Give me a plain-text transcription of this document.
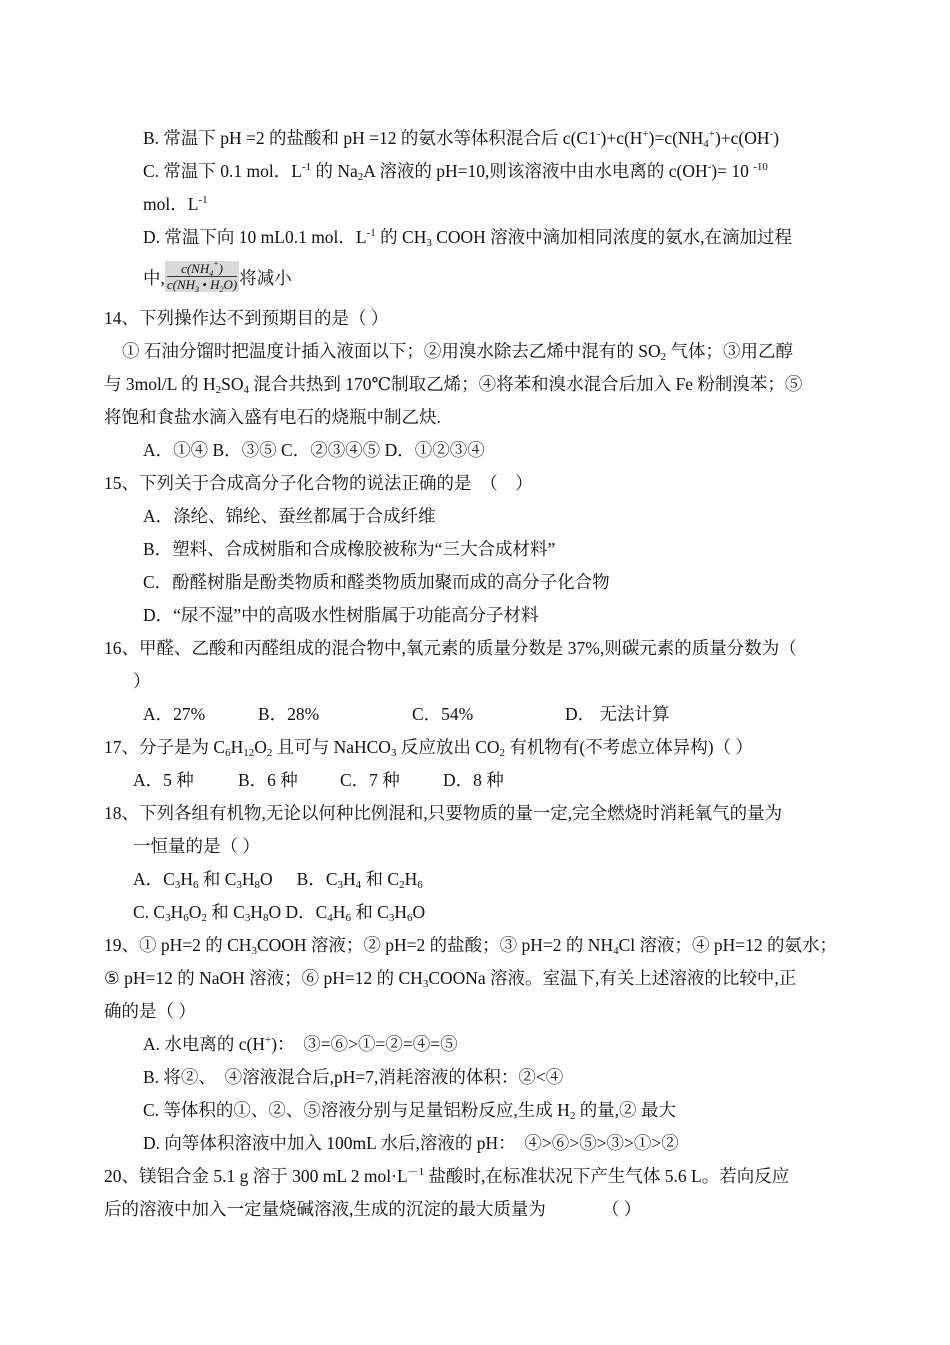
B. 常温下 pH =2 的盐酸和 pH =12 的氨水等体积混合后 $c(C1^-)+c(H^+)=c(NH_4^+)+c(OH^-)$
C. 常温下 0.1 mol．$L^{-1}$ 的 $Na_2A$ 溶液的 pH=10,则该溶液中由水电离的 c(OH-)= 10 $^{-10}$
mol．$L^{-1}$
D. 常温下向 10 mL0.1 mol．$L^{-1}$ 的 $CH_3$ COOH 溶液中滴加相同浓度的氨水,在滴加过程
中, $\frac{c(NH_4^+)}{c(NH_3 • H_2O)}$ 将减小
14、下列操作达不到预期目的是（ ）
① 石油分馏时把温度计插入液面以下；②用溴水除去乙烯中混有的 $SO_2$ 气体；③用乙醇
与 3mol/L 的 $H_2SO_4$ 混合共热到 170℃制取乙烯；④将苯和溴水混合后加入 Fe 粉制溴苯；⑤
将饱和食盐水滴入盛有电石的烧瓶中制乙炔.
A．①④ B．③⑤ C．②③④⑤ D．①②③④
15、下列关于合成高分子化合物的说法正确的是　（　）
A．涤纶、锦纶、蚕丝都属于合成纤维
B．塑料、合成树脂和合成橡胶被称为“三大合成材料”
C．酚醛树脂是酚类物质和醛类物质加聚而成的高分子化合物
D．“尿不湿”中的高吸水性树脂属于功能高分子材料
16、甲醛、乙酸和丙醛组成的混合物中,氧元素的质量分数是 37%,则碳元素的质量分数为（
）
A．27%	B．28%	C．54%	D． 无法计算
17、分子是为 $C_6H_{12}O_2$ 且可与 NaHCO$_3$ 反应放出 $CO_2$ 有机物有(不考虑立体异构)（ ）
A．5 种	B．6 种 C．7 种 D．8 种
18、下列各组有机物,无论以何种比例混和,只要物质的量一定,完全燃烧时消耗氧气的量为
一恒量的是（ ）
A．$C_3H_6$ 和 $C_3H_8O$ B．$C_3H_4$ 和 $C_2H_6$
C. $C_3H_6O_2$ 和 $C_3H_8O$ D．$C_4H_6$ 和 $C_3H_6O$
19、① pH=2 的 $CH_3COOH$ 溶液；② pH=2 的盐酸；③ pH=2 的 $NH_4Cl$ 溶液；④ pH=12 的氨水；
⑤ pH=12 的 NaOH 溶液；⑥ pH=12 的 $CH_3COONa$ 溶液。室温下,有关上述溶液的比较中,正
确的是（ ）
A. 水电离的 c(H+)：　③=⑥>①=②=④=⑤
B. 将②、　④溶液混合后,pH=7,消耗溶液的体积：②<④
C. 等体积的①、②、⑤溶液分别与足量铝粉反应,生成 $H_2$ 的量,② 最大
D. 向等体积溶液中加入 100mL 水后,溶液的 pH：　④>⑥>⑤>③>①>②
20、镁铝合金 5.1 g 溶于 300 mL 2 $mol\cdot L^{-1}$ 盐酸时,在标准状况下产生气体 5.6 L。若向反应
后的溶液中加入一定量烧碱溶液,生成的沉淀的最大质量为	（ ）
